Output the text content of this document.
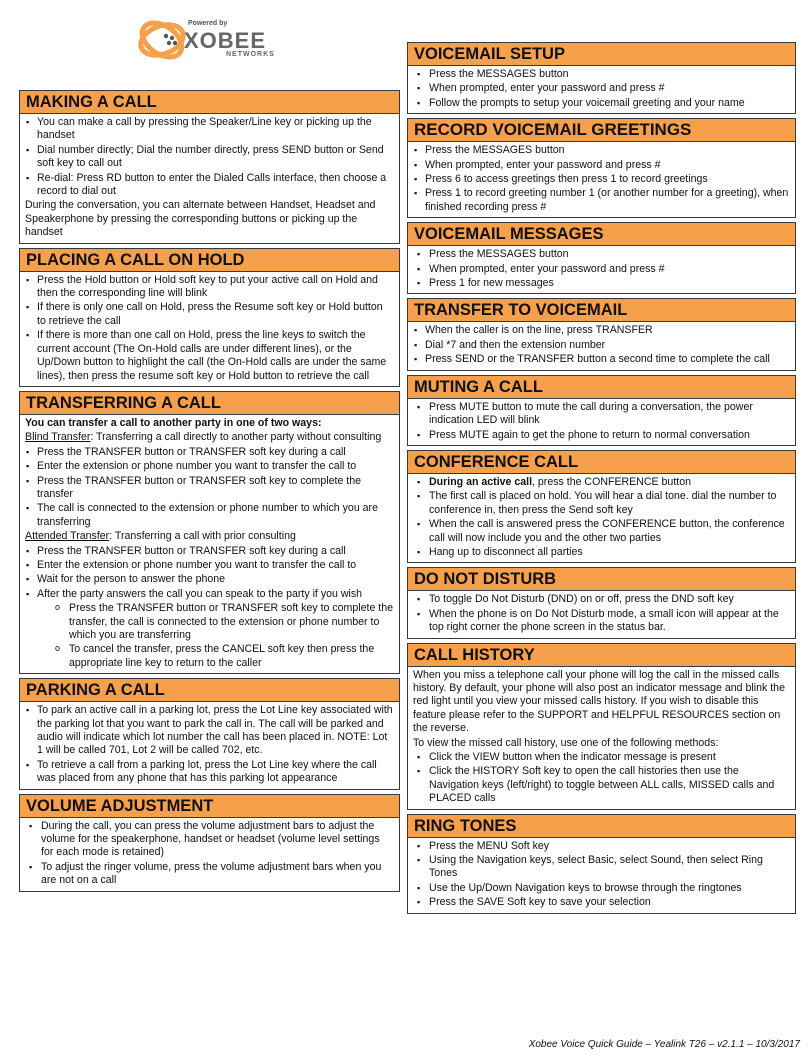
Powered by
XOBEE
NETWORKS
MAKING A CALL
▪ You can make a call by pressing the Speaker/Line key or picking up the handset
▪ Dial number directly; Dial the number directly, press SEND button or Send soft key to call out
▪ Re-dial: Press RD button to enter the Dialed Calls interface, then choose a record to dial out
During the conversation, you can alternate between Handset, Headset and Speakerphone by pressing the corresponding buttons or picking up the handset
PLACING A CALL ON HOLD
▪ Press the Hold button or Hold soft key to put your active call on Hold and then the corresponding line will blink
▪ If there is only one call on Hold, press the Resume soft key or Hold button to retrieve the call
▪ If there is more than one call on Hold, press the line keys to switch the current account (The On-Hold calls are under different lines), or the Up/Down button to highlight the call (the On-Hold calls are under the same lines), then press the resume soft key or Hold button to retrieve the call
TRANSFERRING A CALL
You can transfer a call to another party in one of two ways:
Blind Transfer: Transferring a call directly to another party without consulting
▪ Press the TRANSFER button or TRANSFER soft key during a call
▪ Enter the extension or phone number you want to transfer the call to
▪ Press the TRANSFER button or TRANSFER soft key to complete the transfer
▪ The call is connected to the extension or phone number to which you are transferring
Attended Transfer: Transferring a call with prior consulting
▪ Press the TRANSFER button or TRANSFER soft key during a call
▪ Enter the extension or phone number you want to transfer the call to
▪ Wait for the person to answer the phone
▪ After the party answers the call you can speak to the party if you wish
o Press the TRANSFER button or TRANSFER soft key to complete the transfer, the call is connected to the extension or phone number to which you are transferring
o To cancel the transfer, press the CANCEL soft key then press the appropriate line key to return to the caller
PARKING A CALL
▪ To park an active call in a parking lot, press the Lot Line key associated with the parking lot that you want to park the call in. The call will be parked and audio will indicate which lot number the call has been placed in. NOTE: Lot 1 will be called 701, Lot 2 will be called 702, etc.
▪ To retrieve a call from a parking lot, press the Lot Line key where the call was placed from any phone that has this parking lot appearance
VOLUME ADJUSTMENT
▪ During the call, you can press the volume adjustment bars to adjust the volume for the speakerphone, handset or headset (volume level settings for each mode is retained)
▪ To adjust the ringer volume, press the volume adjustment bars when you are not on a call
VOICEMAIL SETUP
▪ Press the MESSAGES button
▪ When prompted, enter your password and press #
▪ Follow the prompts to setup your voicemail greeting and your name
RECORD VOICEMAIL GREETINGS
▪ Press the MESSAGES button
▪ When prompted, enter your password and press #
▪ Press 6 to access greetings then press 1 to record greetings
▪ Press 1 to record greeting number 1 (or another number for a greeting), when finished recording press #
VOICEMAIL MESSAGES
▪ Press the MESSAGES button
▪ When prompted, enter your password and press #
▪ Press 1 for new messages
TRANSFER TO VOICEMAIL
▪ When the caller is on the line, press TRANSFER
▪ Dial *7 and then the extension number
▪ Press SEND or the TRANSFER button a second time to complete the call
MUTING A CALL
▪ Press MUTE button to mute the call during a conversation, the power indication LED will blink
▪ Press MUTE again to get the phone to return to normal conversation
CONFERENCE CALL
▪ During an active call, press the CONFERENCE button
▪ The first call is placed on hold. You will hear a dial tone. dial the number to conference in, then press the Send soft key
▪ When the call is answered press the CONFERENCE button, the conference call will now include you and the other two parties
▪ Hang up to disconnect all parties
DO NOT DISTURB
▪ To toggle Do Not Disturb (DND) on or off, press the DND soft key
▪ When the phone is on Do Not Disturb mode, a small icon will appear at the top right corner the phone screen in the status bar.
CALL HISTORY
When you miss a telephone call your phone will log the call in the missed calls history. By default, your phone will also post an indicator message and blink the red light until you view your missed calls history. If you wish to disable this feature please refer to the SUPPORT and HELPFUL RESOURCES section on the reverse.
To view the missed call history, use one of the following methods:
▪ Click the VIEW button when the indicator message is present
▪ Click the HISTORY Soft key to open the call histories then use the Navigation keys (left/right) to toggle between ALL calls, MISSED calls and PLACED calls
RING TONES
▪ Press the MENU Soft key
▪ Using the Navigation keys, select Basic, select Sound, then select Ring Tones
▪ Use the Up/Down Navigation keys to browse through the ringtones
▪ Press the SAVE Soft key to save your selection
Xobee Voice Quick Guide – Yealink T26 – v2.1.1 – 10/3/2017
